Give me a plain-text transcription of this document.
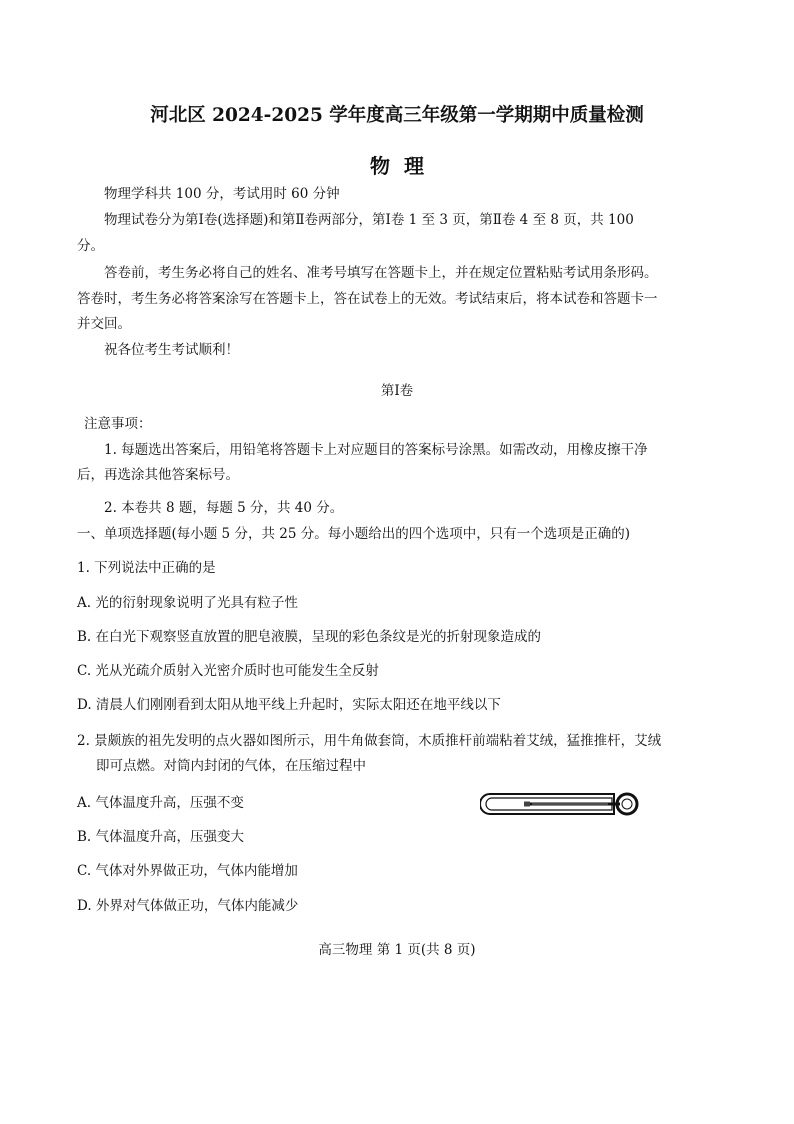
河北区 2024-2025 学年度高三年级第一学期期中质量检测
物理
物理学科共 100 分，考试用时 60 分钟
物理试卷分为第Ⅰ卷(选择题)和第Ⅱ卷两部分，第Ⅰ卷 1 至 3 页，第Ⅱ卷 4 至 8 页，共 100
分。
答卷前，考生务必将自己的姓名、准考号填写在答题卡上，并在规定位置粘贴考试用条形码。
答卷时，考生务必将答案涂写在答题卡上，答在试卷上的无效。考试结束后，将本试卷和答题卡一
并交回。
祝各位考生考试顺利！
第Ⅰ卷
注意事项：
1. 每题选出答案后，用铅笔将答题卡上对应题目的答案标号涂黑。如需改动，用橡皮擦干净
后，再选涂其他答案标号。
2. 本卷共 8 题，每题 5 分，共 40 分。
一、单项选择题(每小题 5 分，共 25 分。每小题给出的四个选项中，只有一个选项是正确的)
1. 下列说法中正确的是
A. 光的衍射现象说明了光具有粒子性
B. 在白光下观察竖直放置的肥皂液膜，呈现的彩色条纹是光的折射现象造成的
C. 光从光疏介质射入光密介质时也可能发生全反射
D. 清晨人们刚刚看到太阳从地平线上升起时，实际太阳还在地平线以下
2. 景颇族的祖先发明的点火器如图所示，用牛角做套筒，木质推杆前端粘着艾绒，猛推推杆，艾绒
即可点燃。对筒内封闭的气体，在压缩过程中
A. 气体温度升高，压强不变
B. 气体温度升高，压强变大
C. 气体对外界做正功，气体内能增加
D. 外界对气体做正功，气体内能减少
高三物理 第 1 页(共 8 页)
